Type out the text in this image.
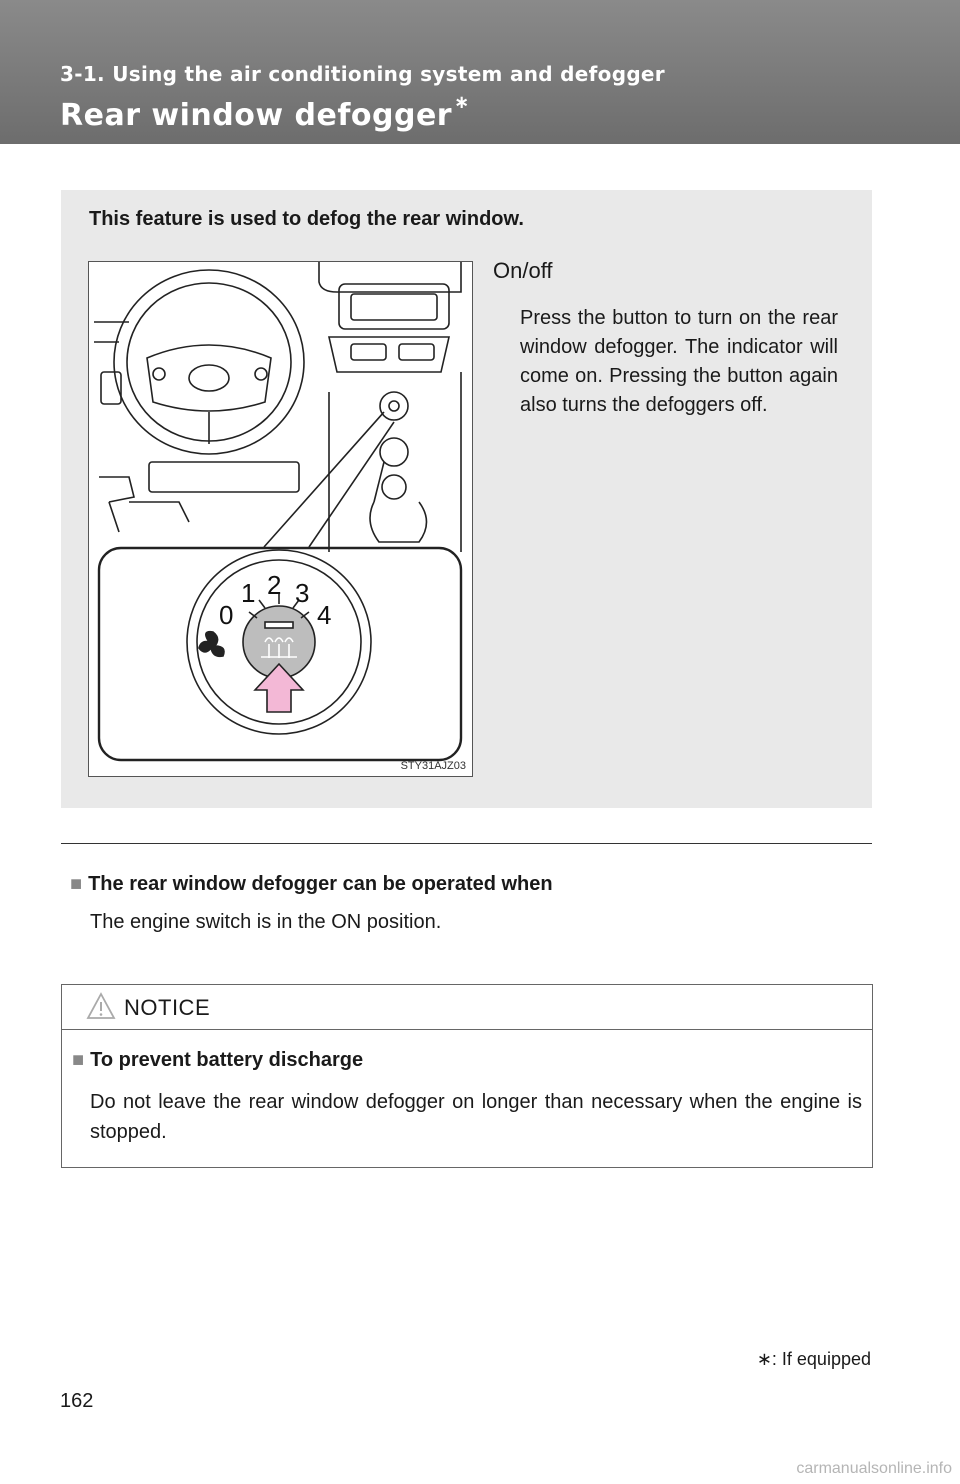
3-1. Using the air conditioning system and defogger
Rear window defogger ∗
This feature is used to defog the rear window.
0
1 2 3
4
STY31AJZ03
On/off
Press the button to turn on the rear window defogger. The indicator will come on. Pressing the button again also turns the defoggers off.
■ The rear window defogger can be operated when
The engine switch is in the ON position.
NOTICE
■ To prevent battery discharge
Do not leave the rear window defogger on longer than necessary when the engine is stopped.
∗: If equipped
162
carmanualsonline.info
